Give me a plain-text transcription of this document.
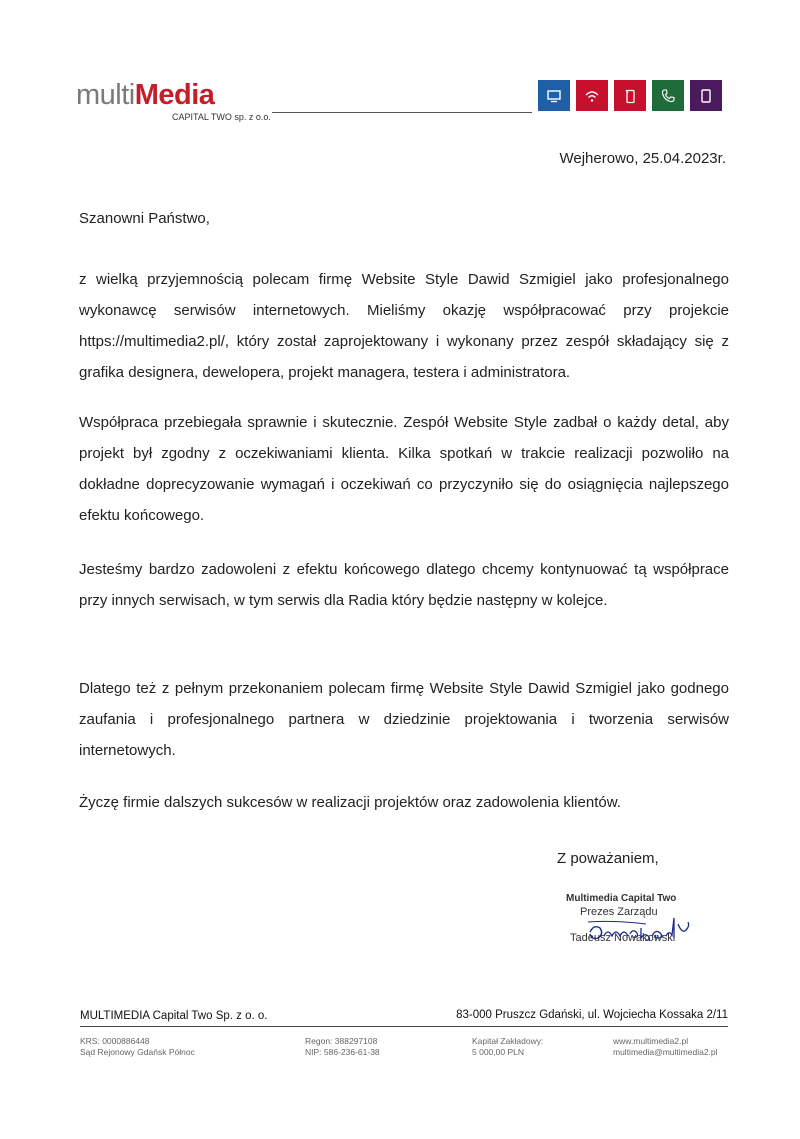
multiMedia
CAPITAL TWO sp. z o.o.
Wejherowo, 25.04.2023r.
Szanowni Państwo,

z wielką przyjemnością polecam firmę Website Style Dawid Szmigiel jako profesjonalnego wykonawcę serwisów internetowych. Mieliśmy okazję współpracować przy projekcie https://multimedia2.pl/, który został zaprojektowany i wykonany przez zespół składający się z grafika designera, dewelopera, projekt managera, testera i administratora.

Współpraca przebiegała sprawnie i skutecznie. Zespół Website Style zadbał o każdy detal, aby projekt był zgodny z oczekiwaniami klienta. Kilka spotkań w trakcie realizacji pozwoliło na dokładne doprecyzowanie wymagań i oczekiwań co przyczyniło się do osiągnięcia najlepszego efektu końcowego.

Jesteśmy bardzo zadowoleni z efektu końcowego dlatego chcemy kontynuować tą współprace przy innych serwisach, w tym serwis dla Radia który będzie następny w kolejce.

Dlatego też z pełnym przekonaniem polecam firmę Website Style Dawid Szmigiel jako godnego zaufania i profesjonalnego partnera w dziedzinie projektowania i tworzenia serwisów internetowych.

Życzę firmie dalszych sukcesów w realizacji projektów oraz zadowolenia klientów.

Z poważaniem,
Multimedia Capital Two
Prezes Zarządu
Tadeusz Nowakowski
MULTIMEDIA Capital Two Sp. z o. o.	83-000 Pruszcz Gdański, ul. Wojciecha Kossaka 2/11
KRS: 0000886448
Sąd Rejonowy Gdańsk Północ
Regon: 388297108
NIP: 586-236-61-38
Kapitał Zakładowy:
5 000,00 PLN
www.multimedia2.pl
multimedia@multimedia2.pl
